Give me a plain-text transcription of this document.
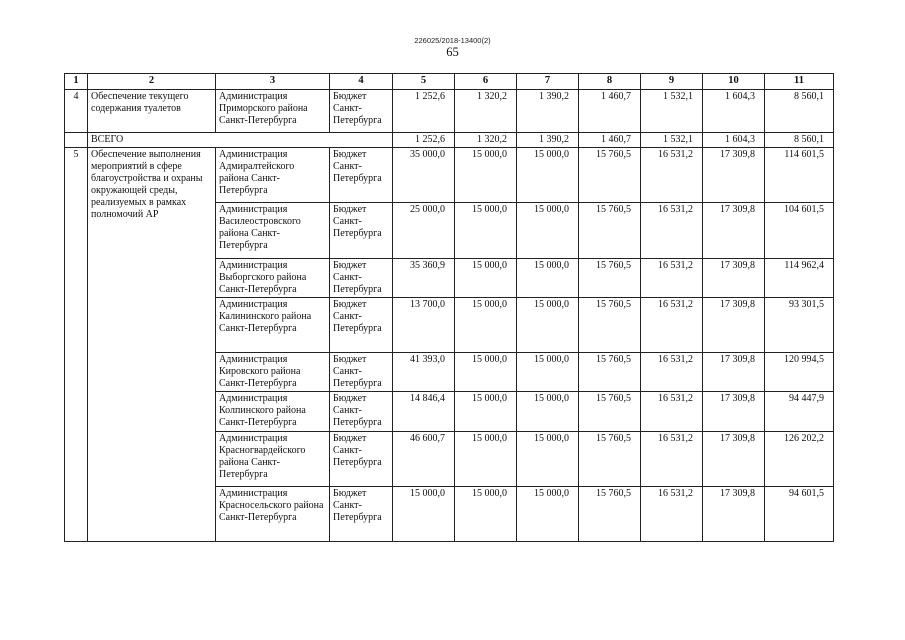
226025/2018-13400(2)
65
1	2	3	4	5	6	7	8	9	10	11
4	Обеспечение текущего содержания туалетов	Администрация Приморского района Санкт-Петербурга	Бюджет Санкт-Петербурга	1 252,6	1 320,2	1 390,2	1 460,7	1 532,1	1 604,3	8 560,1
	ВСЕГО			1 252,6	1 320,2	1 390,2	1 460,7	1 532,1	1 604,3	8 560,1
5	Обеспечение выполнения мероприятий в сфере благоустройства и охраны окружающей среды, реализуемых в рамках полномочий АР	Администрация Адмиралтейского района Санкт-Петербурга	Бюджет Санкт-Петербурга	35 000,0	15 000,0	15 000,0	15 760,5	16 531,2	17 309,8	114 601,5
		Администрация Василеостровского района Санкт-Петербурга	Бюджет Санкт-Петербурга	25 000,0	15 000,0	15 000,0	15 760,5	16 531,2	17 309,8	104 601,5
		Администрация Выборгского района Санкт-Петербурга	Бюджет Санкт-Петербурга	35 360,9	15 000,0	15 000,0	15 760,5	16 531,2	17 309,8	114 962,4
		Администрация Калининского района Санкт-Петербурга	Бюджет Санкт-Петербурга	13 700,0	15 000,0	15 000,0	15 760,5	16 531,2	17 309,8	93 301,5
		Администрация Кировского района Санкт-Петербурга	Бюджет Санкт-Петербурга	41 393,0	15 000,0	15 000,0	15 760,5	16 531,2	17 309,8	120 994,5
		Администрация Колпинского района Санкт-Петербурга	Бюджет Санкт-Петербурга	14 846,4	15 000,0	15 000,0	15 760,5	16 531,2	17 309,8	94 447,9
		Администрация Красногвардейского района Санкт-Петербурга	Бюджет Санкт-Петербурга	46 600,7	15 000,0	15 000,0	15 760,5	16 531,2	17 309,8	126 202,2
		Администрация Красносельского района Санкт-Петербурга	Бюджет Санкт-Петербурга	15 000,0	15 000,0	15 000,0	15 760,5	16 531,2	17 309,8	94 601,5
